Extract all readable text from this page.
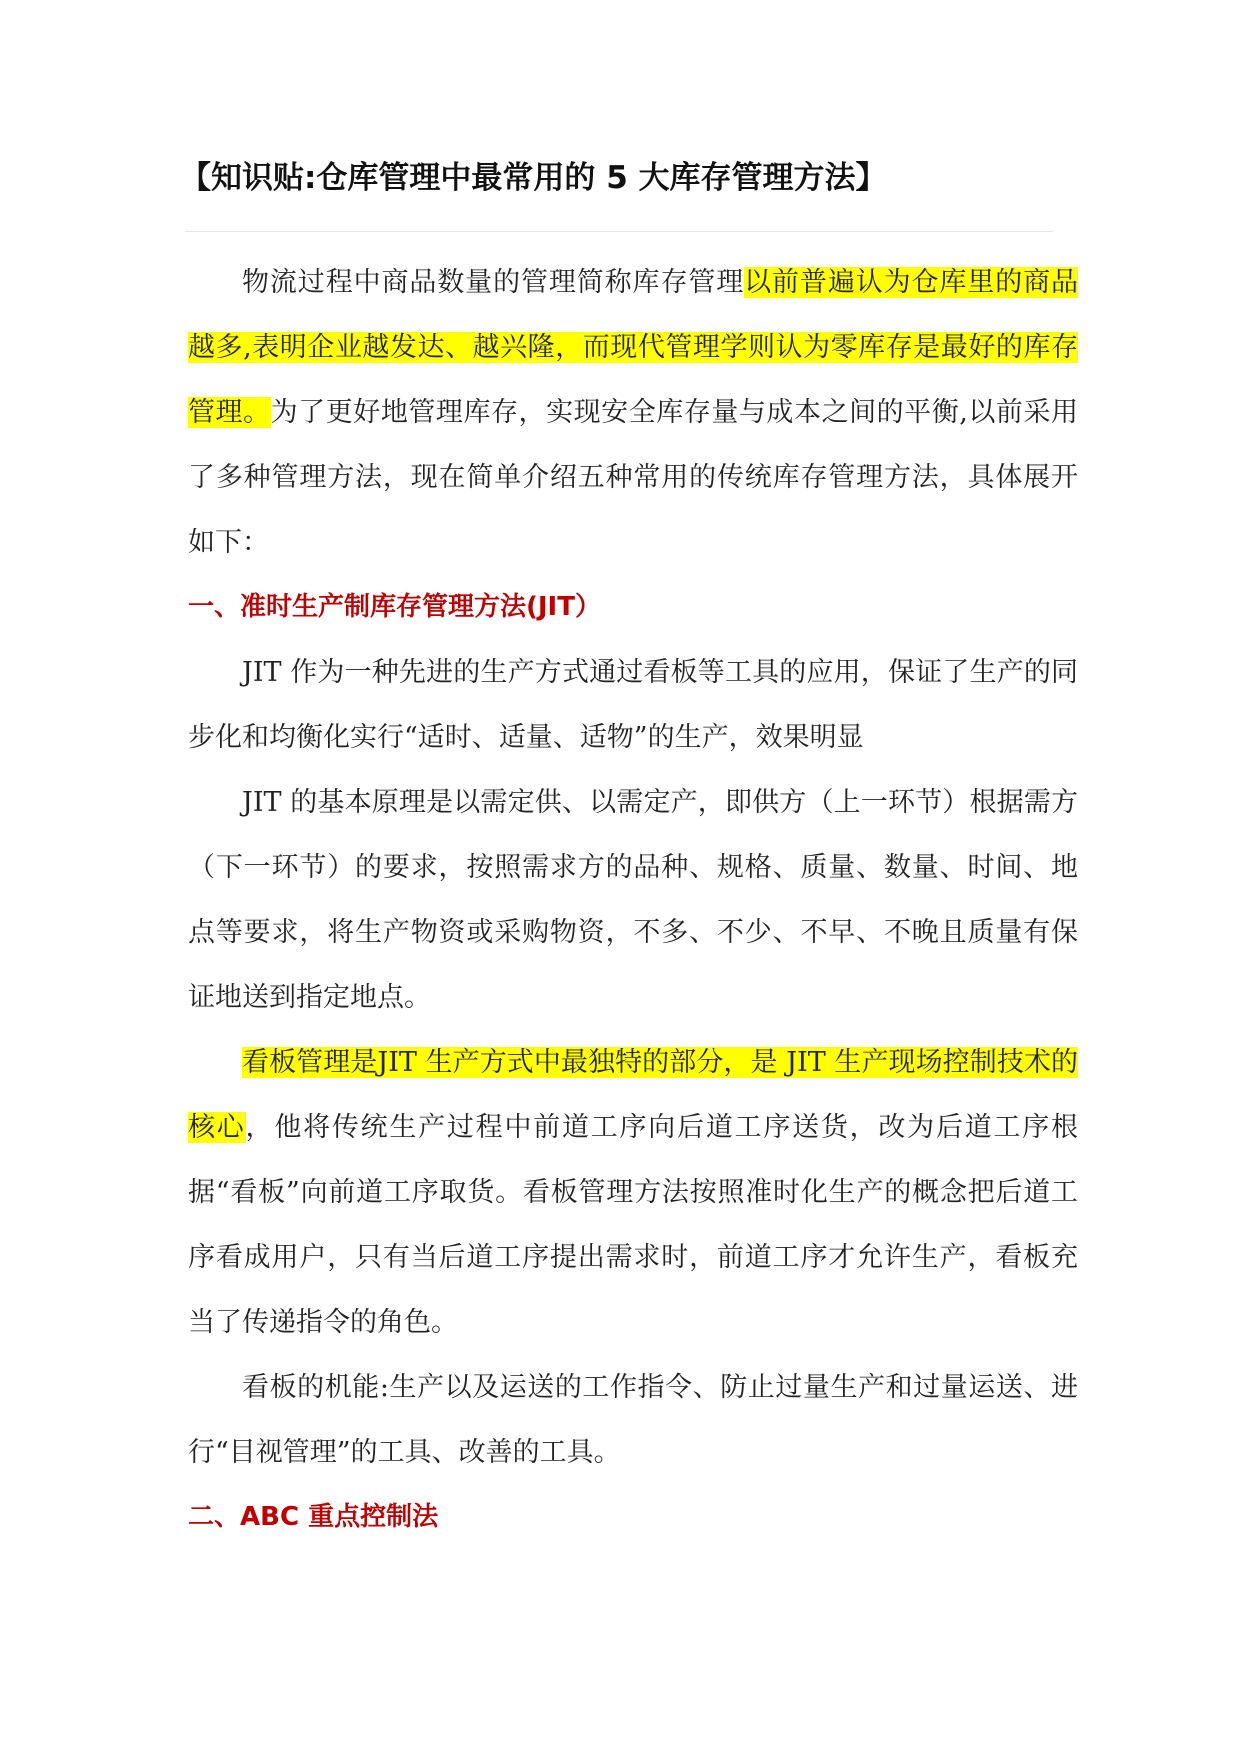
【知识贴:仓库管理中最常用的 5 大库存管理方法】

物流过程中商品数量的管理简称库存管理以前普遍认为仓库里的商品越多,表明企业越发达、越兴隆，而现代管理学则认为零库存是最好的库存管理。为了更好地管理库存，实现安全库存量与成本之间的平衡,以前采用了多种管理方法，现在简单介绍五种常用的传统库存管理方法，具体展开如下：

一、准时生产制库存管理方法(JIT）

JIT 作为一种先进的生产方式通过看板等工具的应用，保证了生产的同步化和均衡化实行“适时、适量、适物”的生产，效果明显

JIT 的基本原理是以需定供、以需定产，即供方（上一环节）根据需方（下一环节）的要求，按照需求方的品种、规格、质量、数量、时间、地点等要求，将生产物资或采购物资，不多、不少、不早、不晚且质量有保证地送到指定地点。

看板管理是JIT 生产方式中最独特的部分，是 JIT 生产现场控制技术的核心，他将传统生产过程中前道工序向后道工序送货，改为后道工序根据“看板”向前道工序取货。看板管理方法按照准时化生产的概念把后道工序看成用户，只有当后道工序提出需求时，前道工序才允许生产，看板充当了传递指令的角色。

看板的机能:生产以及运送的工作指令、防止过量生产和过量运送、进行“目视管理”的工具、改善的工具。

二、ABC 重点控制法
